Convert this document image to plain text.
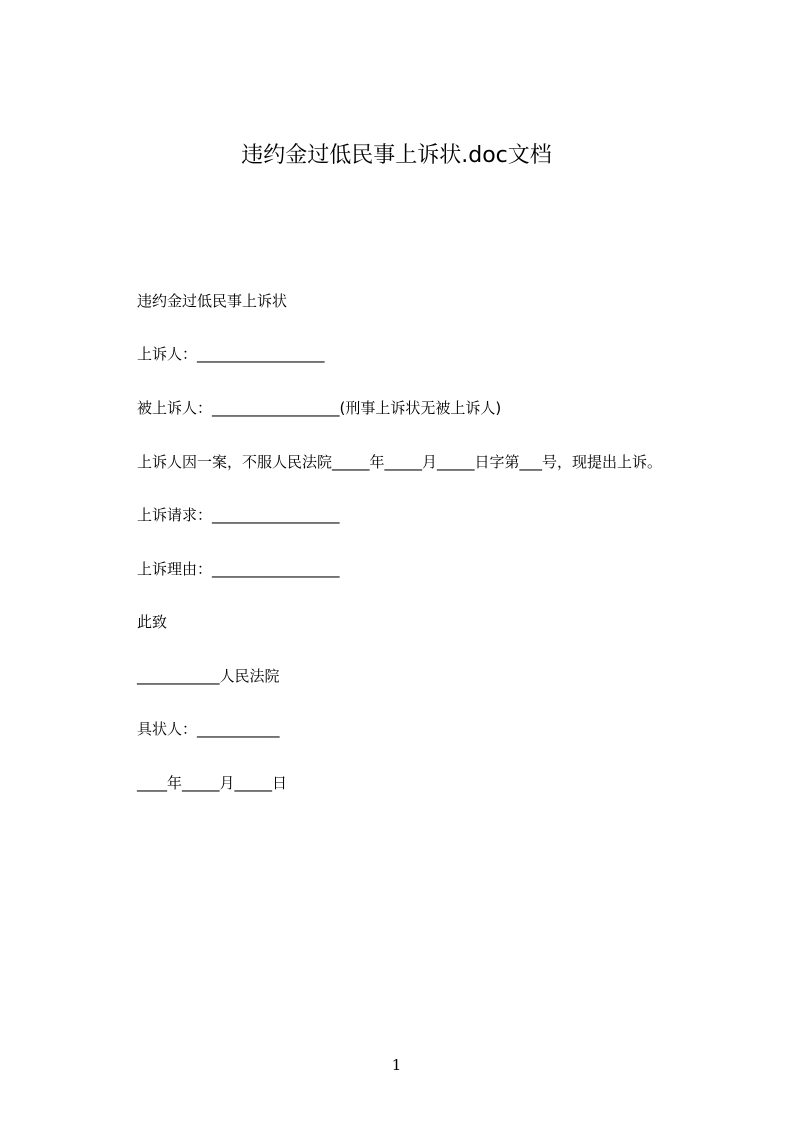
违约金过低民事上诉状.doc文档
违约金过低民事上诉状
上诉人：_________________
被上诉人：_________________(刑事上诉状无被上诉人)
上诉人因一案，不服人民法院_____年_____月_____日字第___号，现提出上诉。
上诉请求：_________________
上诉理由：_________________
此致
___________人民法院
具状人：___________
____年_____月_____日
1
